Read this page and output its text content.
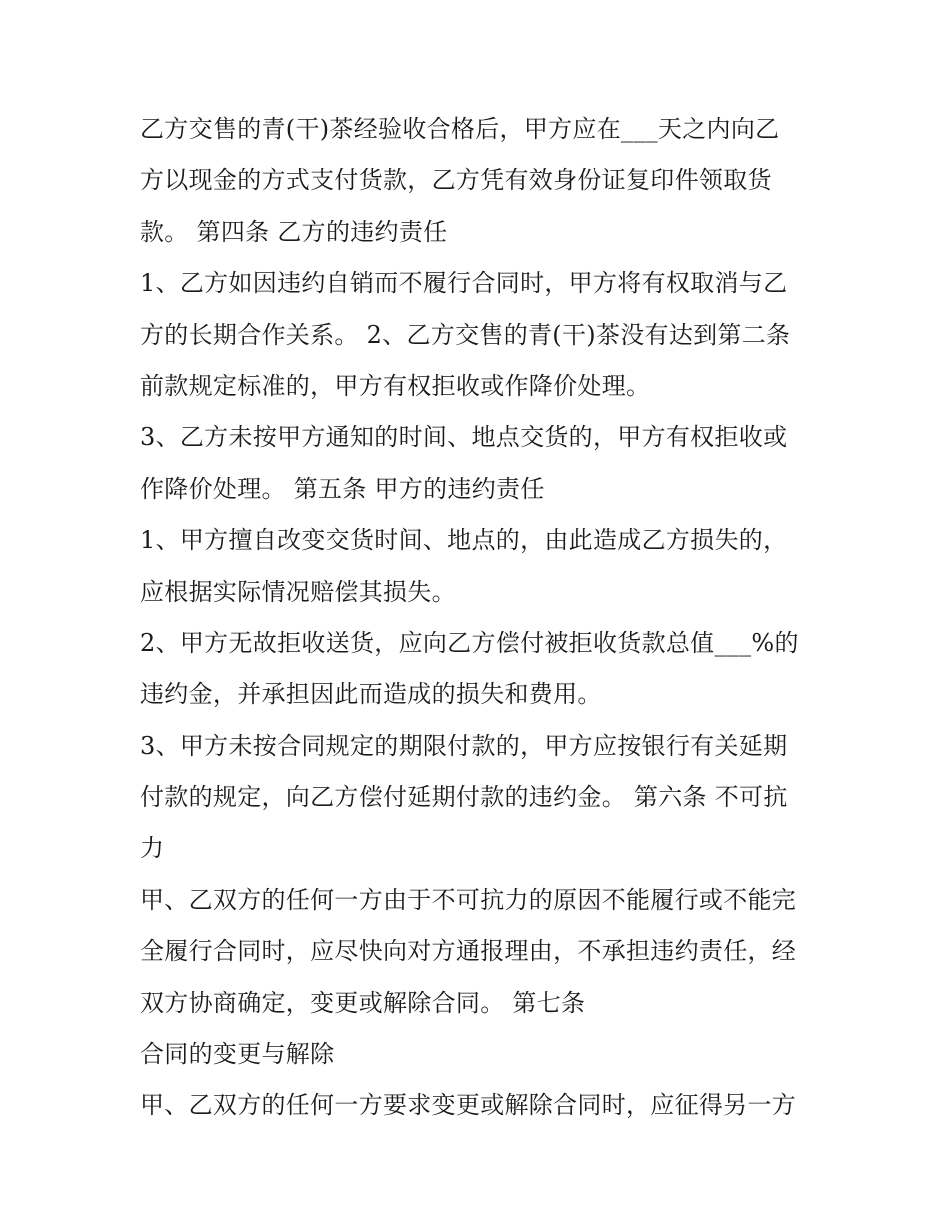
乙方交售的青(干)茶经验收合格后，甲方应在___天之内向乙
方以现金的方式支付货款，乙方凭有效身份证复印件领取货
款。 第四条 乙方的违约责任
1、乙方如因违约自销而不履行合同时，甲方将有权取消与乙
方的长期合作关系。 2、乙方交售的青(干)茶没有达到第二条
前款规定标准的，甲方有权拒收或作降价处理。
3、乙方未按甲方通知的时间、地点交货的，甲方有权拒收或
作降价处理。 第五条 甲方的违约责任
1、甲方擅自改变交货时间、地点的，由此造成乙方损失的，
应根据实际情况赔偿其损失。
2、甲方无故拒收送货，应向乙方偿付被拒收货款总值___%的
违约金，并承担因此而造成的损失和费用。
3、甲方未按合同规定的期限付款的，甲方应按银行有关延期
付款的规定，向乙方偿付延期付款的违约金。 第六条 不可抗
力
甲、乙双方的任何一方由于不可抗力的原因不能履行或不能完
全履行合同时，应尽快向对方通报理由，不承担违约责任，经
双方协商确定，变更或解除合同。 第七条
合同的变更与解除
甲、乙双方的任何一方要求变更或解除合同时，应征得另一方
